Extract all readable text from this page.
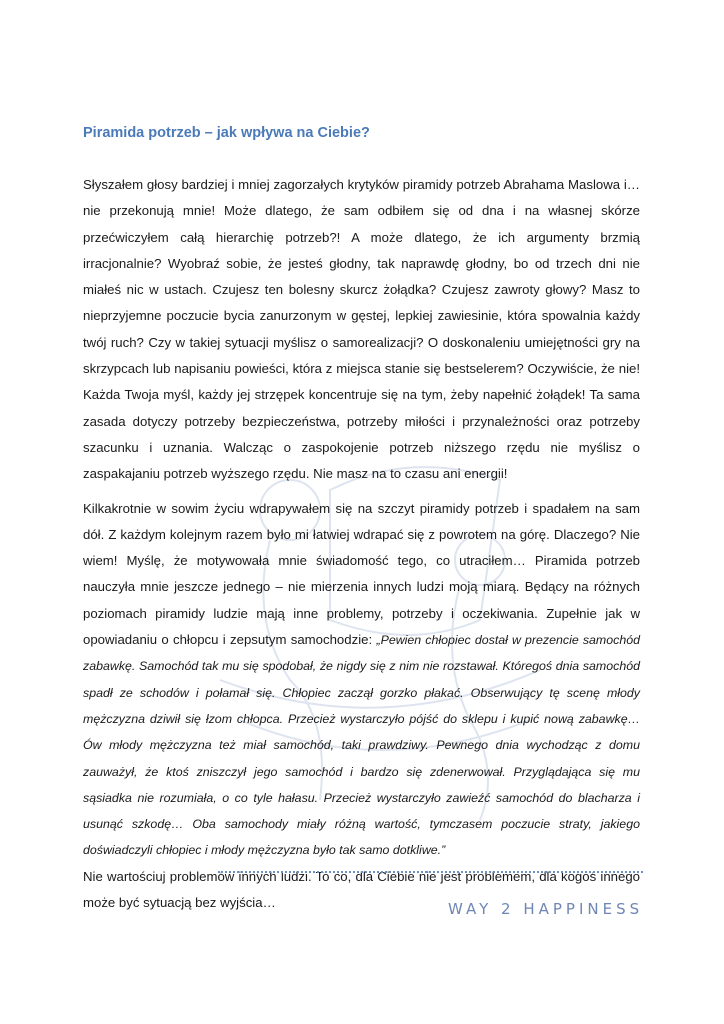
Piramida potrzeb – jak wpływa na Ciebie?

Słyszałem głosy bardziej i mniej zagorzałych krytyków piramidy potrzeb Abrahama Maslowa i… nie przekonują mnie! Może dlatego, że sam odbiłem się od dna i na własnej skórze przećwiczyłem całą hierarchię potrzeb?! A może dlatego, że ich argumenty brzmią irracjonalnie? Wyobraź sobie, że jesteś głodny, tak naprawdę głodny, bo od trzech dni nie miałeś nic w ustach. Czujesz ten bolesny skurcz żołądka? Czujesz zawroty głowy? Masz to nieprzyjemne poczucie bycia zanurzonym w gęstej, lepkiej zawiesinie, która spowalnia każdy twój ruch? Czy w takiej sytuacji myślisz o samorealizacji? O doskonaleniu umiejętności gry na skrzypcach lub napisaniu powieści, która z miejsca stanie się bestselerem? Oczywiście, że nie! Każda Twoja myśl, każdy jej strzępek koncentruje się na tym, żeby napełnić żołądek! Ta sama zasada dotyczy potrzeby bezpieczeństwa, potrzeby miłości i przynależności oraz potrzeby szacunku i uznania. Walcząc o zaspokojenie potrzeb niższego rzędu nie myślisz o zaspakajaniu potrzeb wyższego rzędu. Nie masz na to czasu ani energii!

Kilkakrotnie w sowim życiu wdrapywałem się na szczyt piramidy potrzeb i spadałem na sam dół. Z każdym kolejnym razem było mi łatwiej wdrapać się z powrotem na górę. Dlaczego? Nie wiem! Myślę, że motywowała mnie świadomość tego, co utraciłem… Piramida potrzeb nauczyła mnie jeszcze jednego – nie mierzenia innych ludzi moją miarą. Będący na różnych poziomach piramidy ludzie mają inne problemy, potrzeby i oczekiwania. Zupełnie jak w opowiadaniu o chłopcu i zepsutym samochodzie: „Pewien chłopiec dostał w prezencie samochód zabawkę. Samochód tak mu się spodobał, że nigdy się z nim nie rozstawał. Któregoś dnia samochód spadł ze schodów i połamał się. Chłopiec zaczął gorzko płakać. Obserwujący tę scenę młody mężczyzna dziwił się łzom chłopca. Przecież wystarczyło pójść do sklepu i kupić nową zabawkę… Ów młody mężczyzna też miał samochód, taki prawdziwy. Pewnego dnia wychodząc z domu zauważył, że ktoś zniszczył jego samochód i bardzo się zdenerwował. Przyglądająca się mu sąsiadka nie rozumiała, o co tyle hałasu. Przecież wystarczyło zawieźć samochód do blacharza i usunąć szkodę… Oba samochody miały różną wartość, tymczasem poczucie straty, jakiego doświadczyli chłopiec i młody mężczyzna było tak samo dotkliwe.”

Nie wartościuj problemów innych ludzi. To co, dla Ciebie nie jest problemem, dla kogoś innego może być sytuacją bez wyjścia…	WAY 2 HAPPINESS
